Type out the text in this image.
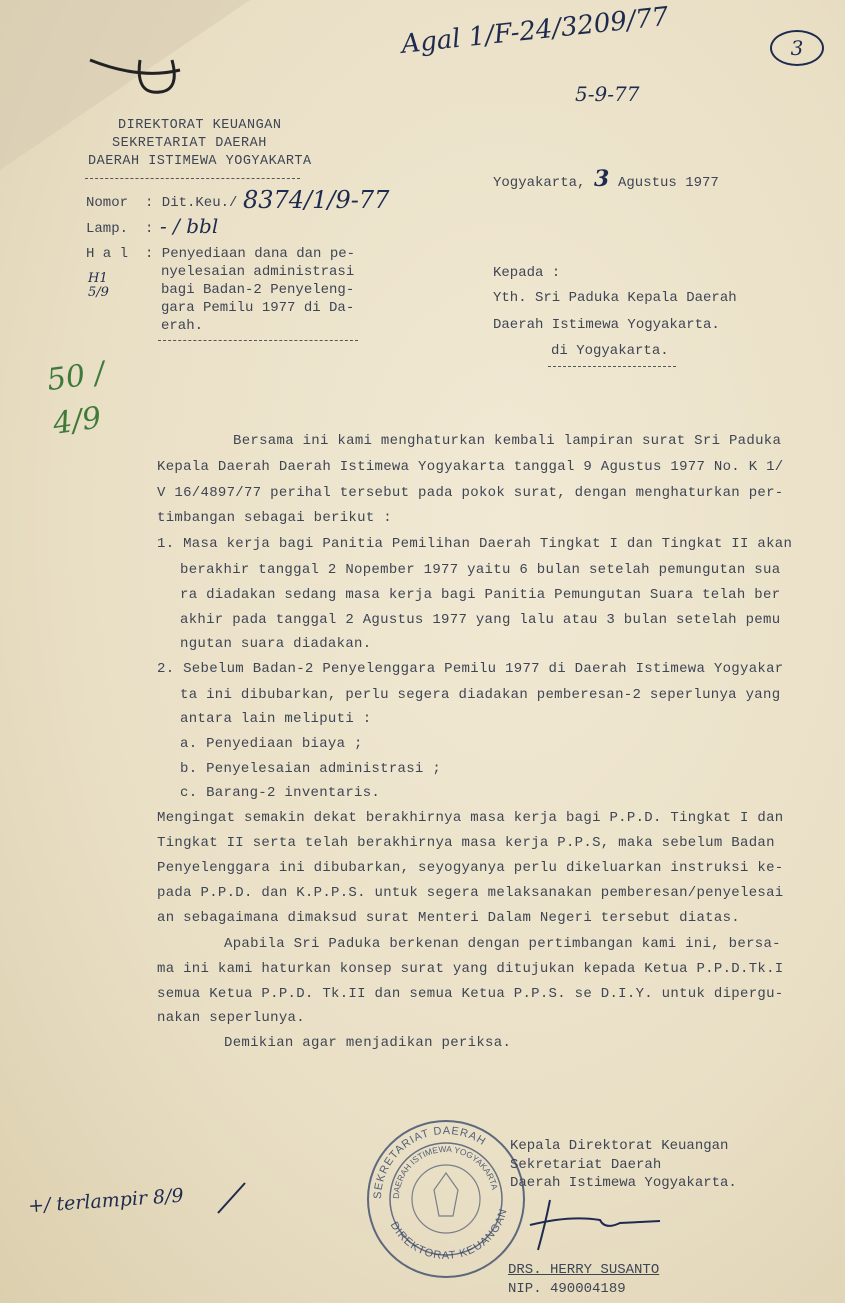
Agal 1/F-24/3209/77
5-9-77
3
DIREKTORAT KEUANGAN
SEKRETARIAT DAERAH
DAERAH ISTIMEWA YOGYAKARTA
Nomor : Dit.Keu./ 8374/1/9-77
Lamp. : - / bbl
H a l : Penyediaan dana dan pe-
nyelesaian administrasi
bagi Badan-2 Penyeleng-
gara Pemilu 1977 di Da-
erah.
H1 5/9
50 / 4/9
Yogyakarta, 3 Agustus 1977
Kepada :
Yth. Sri Paduka Kepala Daerah
Daerah Istimewa Yogyakarta.
di Yogyakarta.
Bersama ini kami menghaturkan kembali lampiran surat Sri Paduka
Kepala Daerah Daerah Istimewa Yogyakarta tanggal 9 Agustus 1977 No. K 1/
V 16/4897/77 perihal tersebut pada pokok surat, dengan menghaturkan per-
timbangan sebagai berikut :
1. Masa kerja bagi Panitia Pemilihan Daerah Tingkat I dan Tingkat II akan
berakhir tanggal 2 Nopember 1977 yaitu 6 bulan setelah pemungutan sua
ra diadakan sedang masa kerja bagi Panitia Pemungutan Suara telah ber
akhir pada tanggal 2 Agustus 1977 yang lalu atau 3 bulan setelah pemu
ngutan suara diadakan.
2. Sebelum Badan-2 Penyelenggara Pemilu 1977 di Daerah Istimewa Yogyakar
ta ini dibubarkan, perlu segera diadakan pemberesan-2 seperlunya yang
antara lain meliputi :
a. Penyediaan biaya ;
b. Penyelesaian administrasi ;
c. Barang-2 inventaris.
Mengingat semakin dekat berakhirnya masa kerja bagi P.P.D. Tingkat I dan
Tingkat II serta telah berakhirnya masa kerja P.P.S, maka sebelum Badan
Penyelenggara ini dibubarkan, seyogyanya perlu dikeluarkan instruksi ke-
pada P.P.D. dan K.P.P.S. untuk segera melaksanakan pemberesan/penyelesai
an sebagaimana dimaksud surat Menteri Dalam Negeri tersebut diatas.
Apabila Sri Paduka berkenan dengan pertimbangan kami ini, bersa-
ma ini kami haturkan konsep surat yang ditujukan kepada Ketua P.P.D.Tk.I
semua Ketua P.P.D. Tk.II dan semua Ketua P.P.S. se D.I.Y. untuk dipergu-
nakan seperlunya.
Demikian agar menjadikan periksa.
SEKRETARIAT DAERAH
DAERAH ISTIMEWA YOGYAKARTA
DIREKTORAT KEUANGAN
Kepala Direktorat Keuangan
Sekretariat Daerah
Daerah Istimewa Yogyakarta.
DRS. HERRY SUSANTO
NIP. 490004189
+/ terlampir 8/9
